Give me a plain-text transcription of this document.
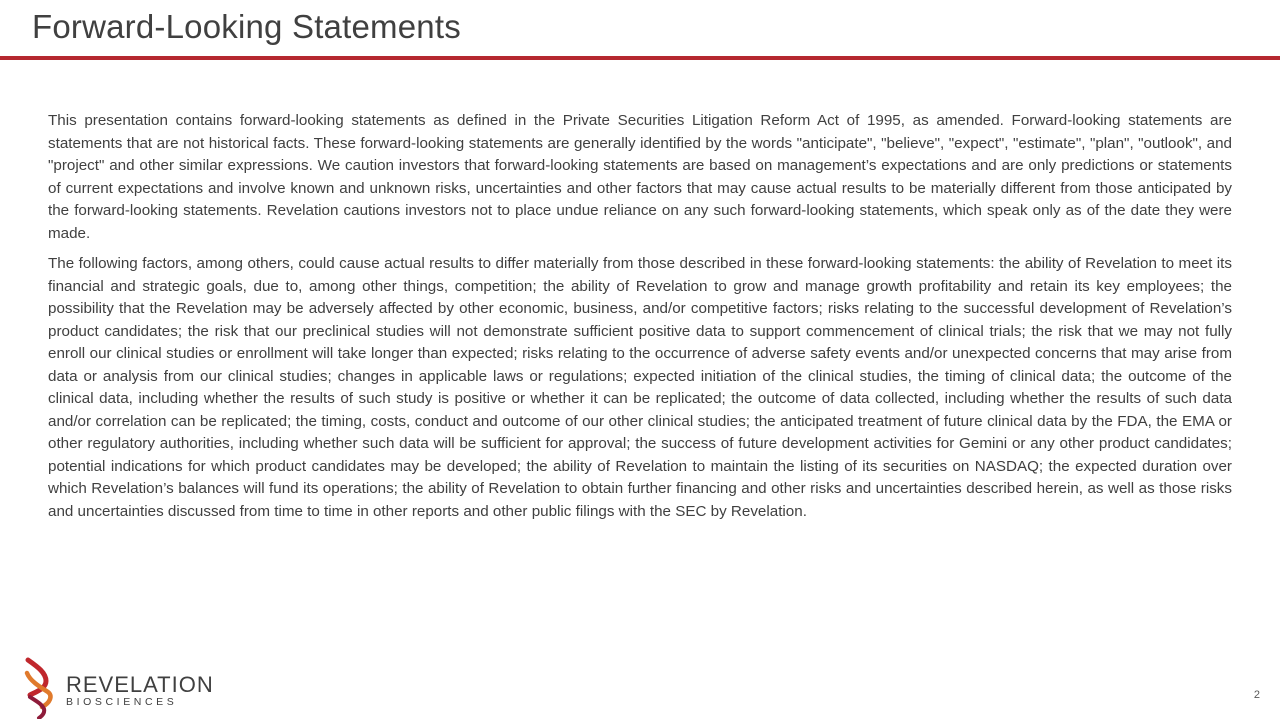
Forward-Looking Statements

This presentation contains forward-looking statements as defined in the Private Securities Litigation Reform Act of 1995, as amended. Forward-looking statements are statements that are not historical facts. These forward-looking statements are generally identified by the words "anticipate", "believe", "expect", "estimate", "plan", "outlook", and "project" and other similar expressions. We caution investors that forward-looking statements are based on management’s expectations and are only predictions or statements of current expectations and involve known and unknown risks, uncertainties and other factors that may cause actual results to be materially different from those anticipated by the forward-looking statements. Revelation cautions investors not to place undue reliance on any such forward-looking statements, which speak only as of the date they were made.

The following factors, among others, could cause actual results to differ materially from those described in these forward-looking statements: the ability of Revelation to meet its financial and strategic goals, due to, among other things, competition; the ability of Revelation to grow and manage growth profitability and retain its key employees; the possibility that the Revelation may be adversely affected by other economic, business, and/or competitive factors; risks relating to the successful development of Revelation’s product candidates; the risk that our preclinical studies will not demonstrate sufficient positive data to support commencement of clinical trials; the risk that we may not fully enroll our clinical studies or enrollment will take longer than expected; risks relating to the occurrence of adverse safety events and/or unexpected concerns that may arise from data or analysis from our clinical studies; changes in applicable laws or regulations; expected initiation of the clinical studies, the timing of clinical data; the outcome of the clinical data, including whether the results of such study is positive or whether it can be replicated; the outcome of data collected, including whether the results of such data and/or correlation can be replicated; the timing, costs, conduct and outcome of our other clinical studies; the anticipated treatment of future clinical data by the FDA, the EMA or other regulatory authorities, including whether such data will be sufficient for approval; the success of future development activities for Gemini or any other product candidates; potential indications for which product candidates may be developed; the ability of Revelation to maintain the listing of its securities on NASDAQ; the expected duration over which Revelation’s balances will fund its operations; the ability of Revelation to obtain further financing and other risks and uncertainties described herein, as well as those risks and uncertainties discussed from time to time in other reports and other public filings with the SEC by Revelation.

REVELATION
BIOSCIENCES
2
